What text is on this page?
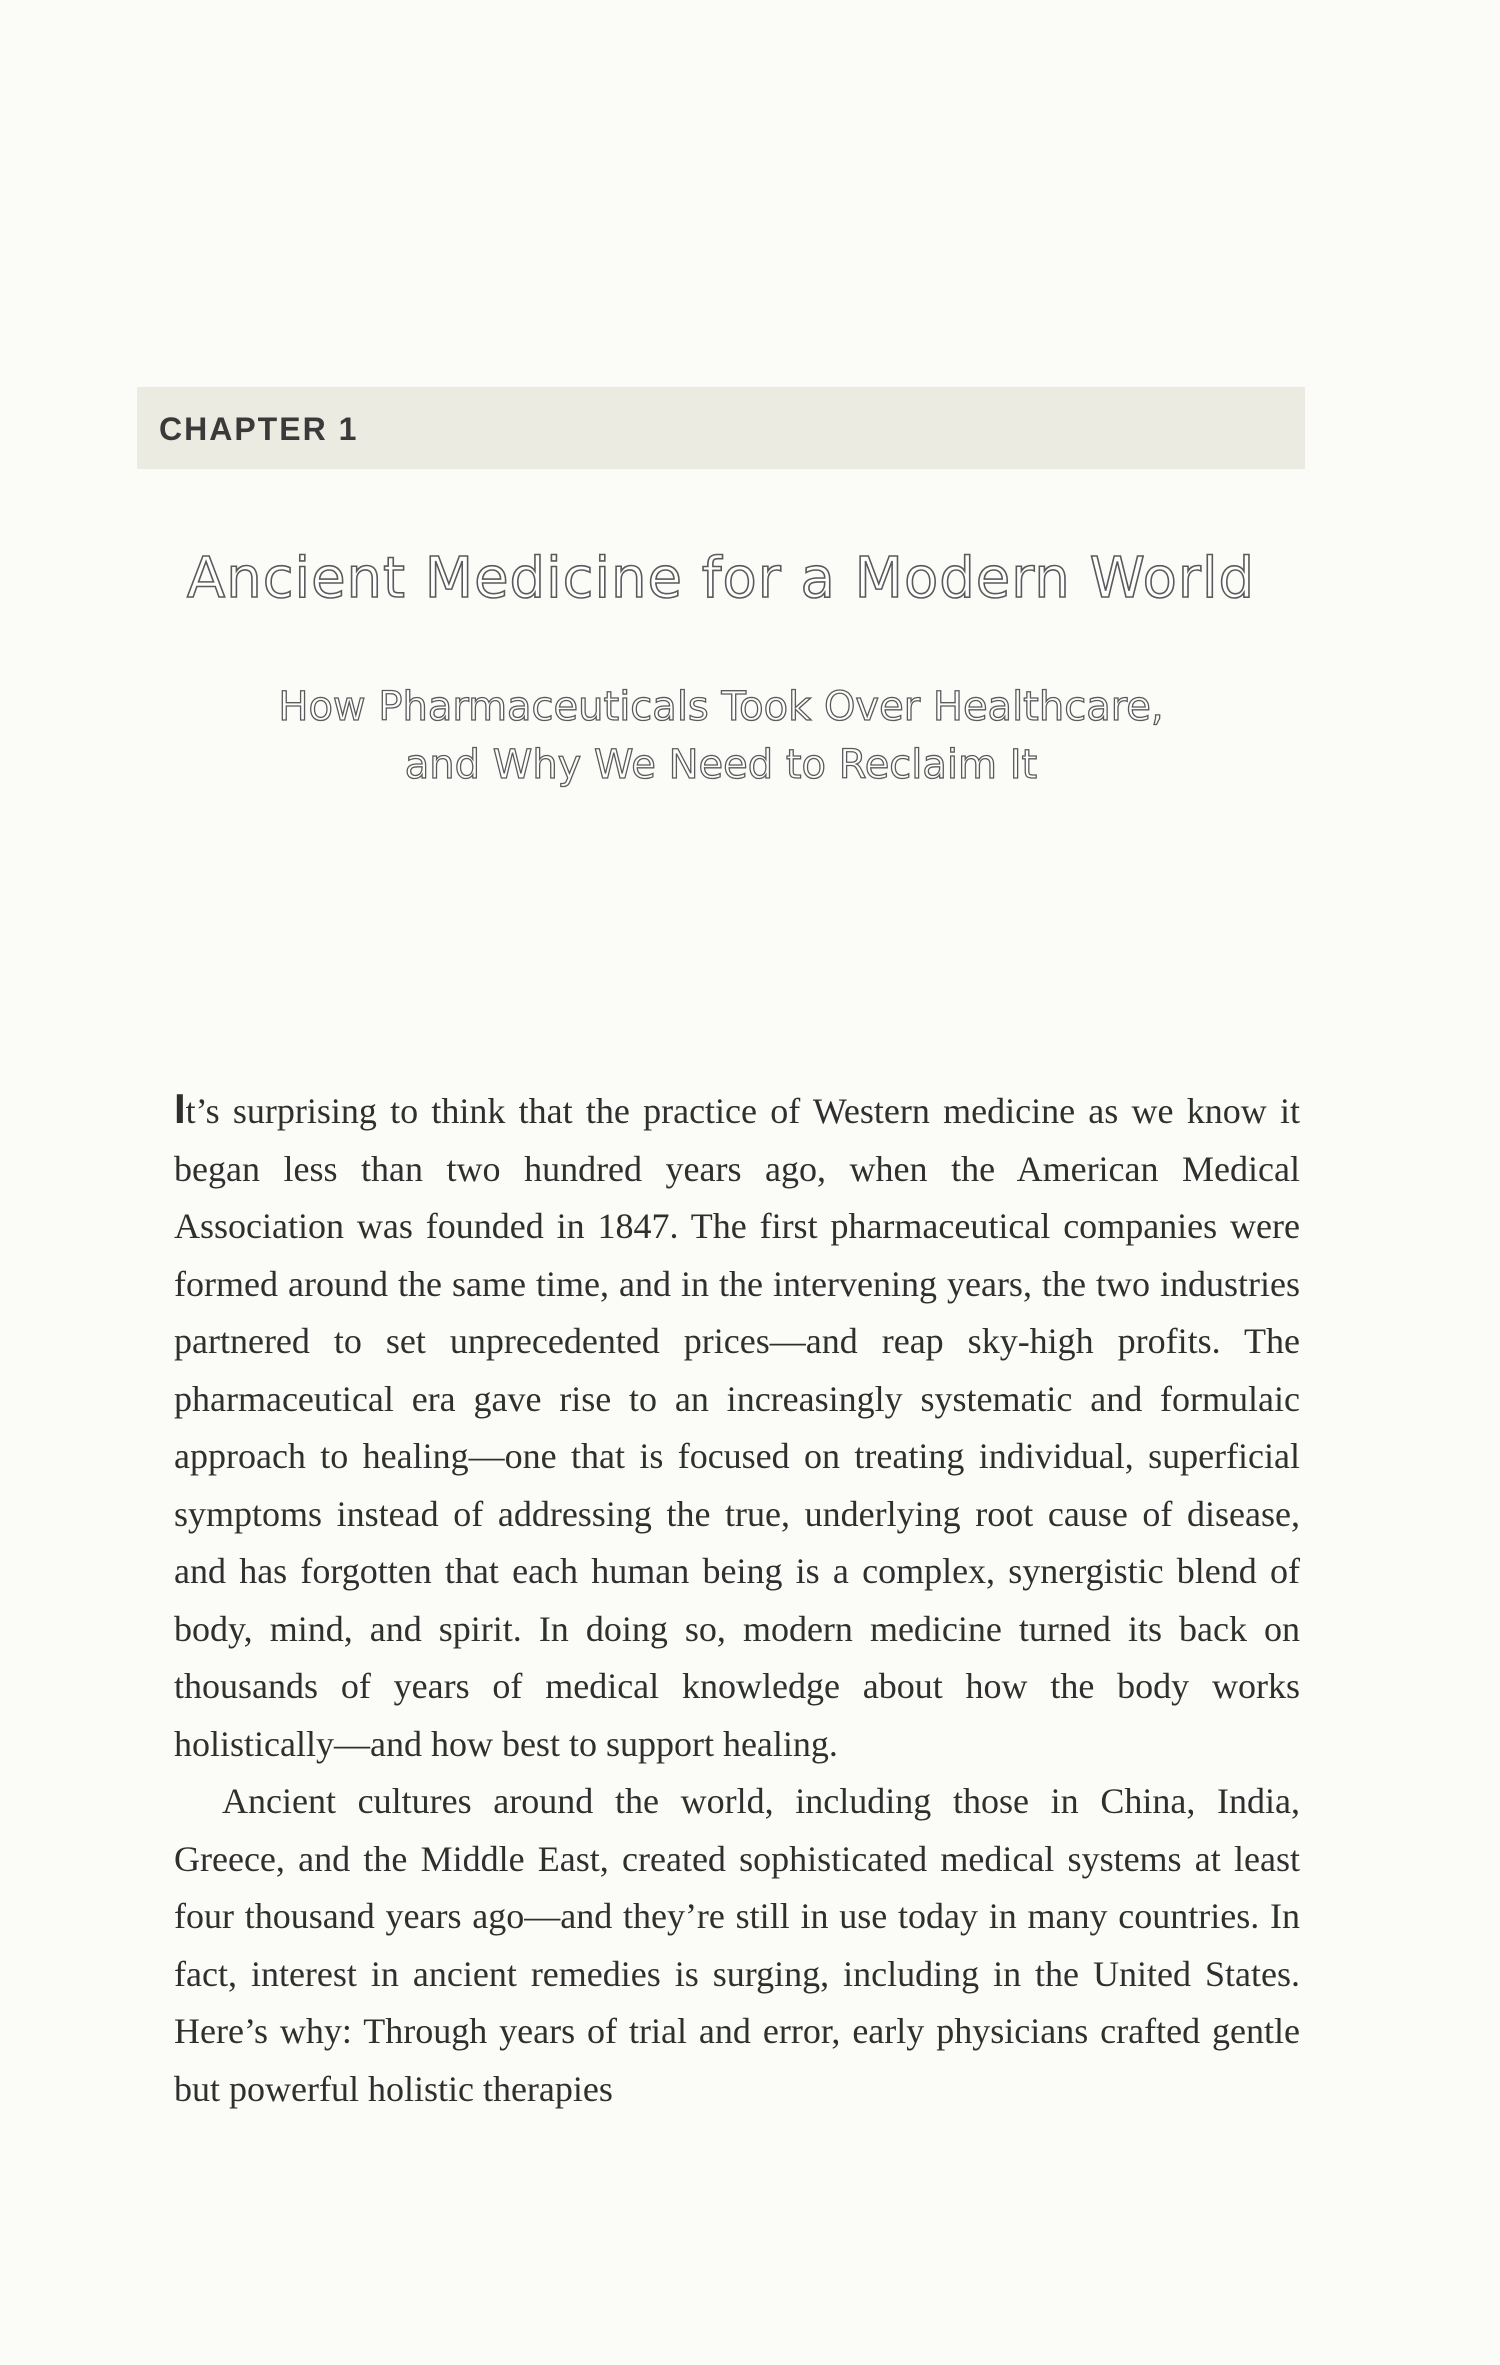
CHAPTER 1
Ancient Medicine for a Modern World
How Pharmaceuticals Took Over Healthcare,
and Why We Need to Reclaim It

It’s surprising to think that the practice of Western medicine as we know it began less than two hundred years ago, when the American Medical Association was founded in 1847. The first pharmaceutical companies were formed around the same time, and in the intervening years, the two industries partnered to set unprecedented prices—and reap sky-high profits. The pharmaceutical era gave rise to an increasingly systematic and formulaic approach to healing—one that is focused on treating individual, superficial symptoms instead of addressing the true, underlying root cause of disease, and has forgotten that each human being is a complex, synergistic blend of body, mind, and spirit. In doing so, modern medicine turned its back on thousands of years of medical knowledge about how the body works holistically—and how best to support healing.

Ancient cultures around the world, including those in China, India, Greece, and the Middle East, created sophisticated medical systems at least four thousand years ago—and they’re still in use today in many countries. In fact, interest in ancient remedies is surging, including in the United States. Here’s why: Through years of trial and error, early physicians crafted gentle but powerful holistic therapies
